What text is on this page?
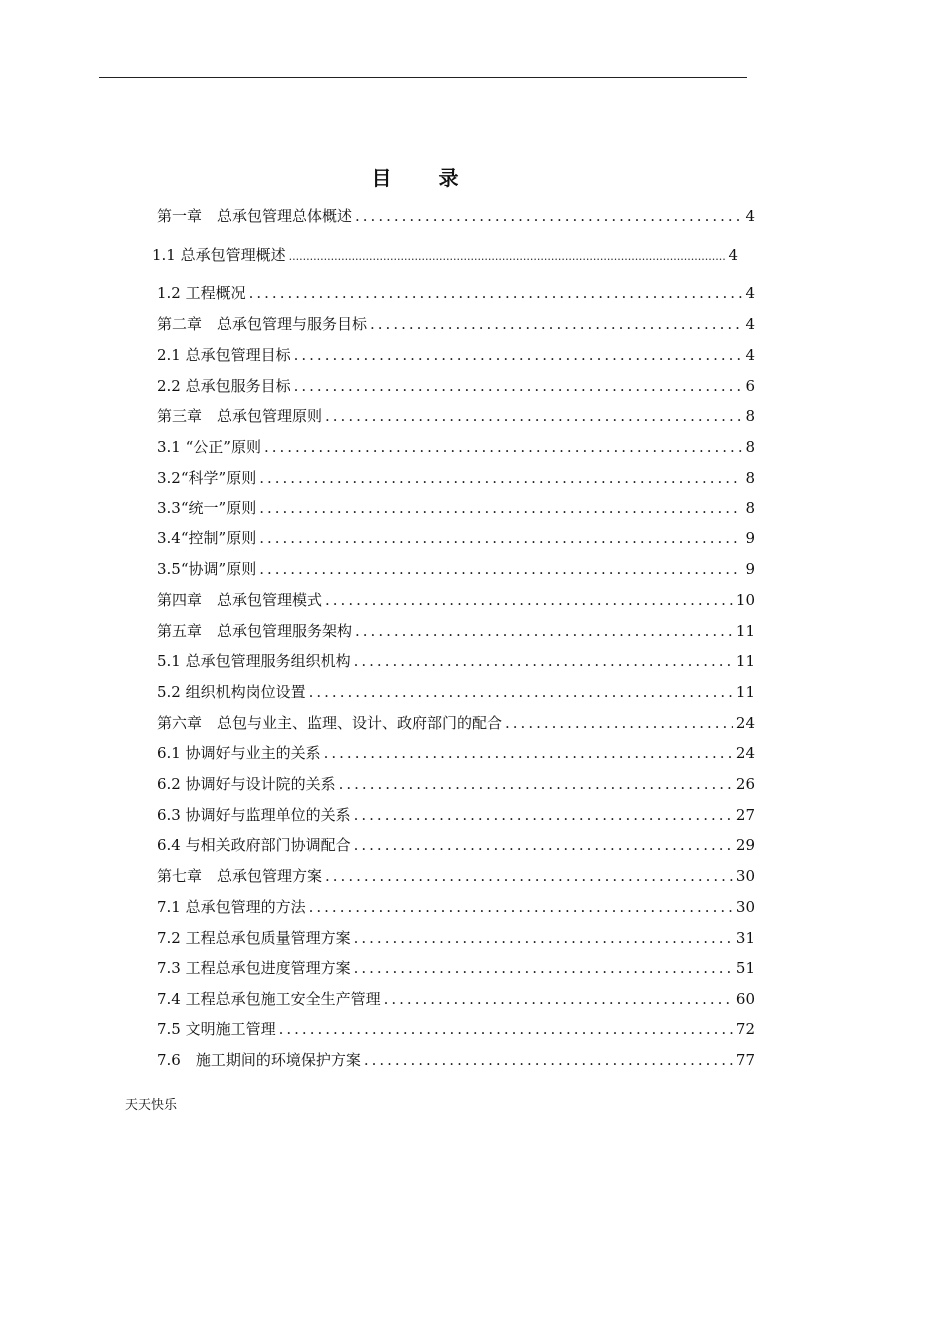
目 录
第一章　总承包管理总体概述 .....	4
1.1 总承包管理概述 .....	4
1.2 工程概况 .....	4
第二章　总承包管理与服务目标 .....	4
2.1 总承包管理目标 .....	4
2.2 总承包服务目标 .....	6
第三章　总承包管理原则 .....	8
3.1 “公正”原则 .....	8
3.2“科学”原则 .....	8
3.3“统一”原则 .....	8
3.4“控制”原则 .....	9
3.5“协调”原则 .....	9
第四章　总承包管理模式 .....	10
第五章　总承包管理服务架构 .....	11
5.1 总承包管理服务组织机构 .....	11
5.2 组织机构岗位设置 .....	11
第六章　总包与业主、监理、设计、政府部门的配合 .....	24
6.1 协调好与业主的关系 .....	24
6.2 协调好与设计院的关系 .....	26
6.3 协调好与监理单位的关系 .....	27
6.4 与相关政府部门协调配合 .....	29
第七章　总承包管理方案 .....	30
7.1 总承包管理的方法 .....	30
7.2 工程总承包质量管理方案 .....	31
7.3 工程总承包进度管理方案 .....	51
7.4 工程总承包施工安全生产管理 .....	60
7.5 文明施工管理 .....	72
7.6　施工期间的环境保护方案 .....	77
天天快乐
